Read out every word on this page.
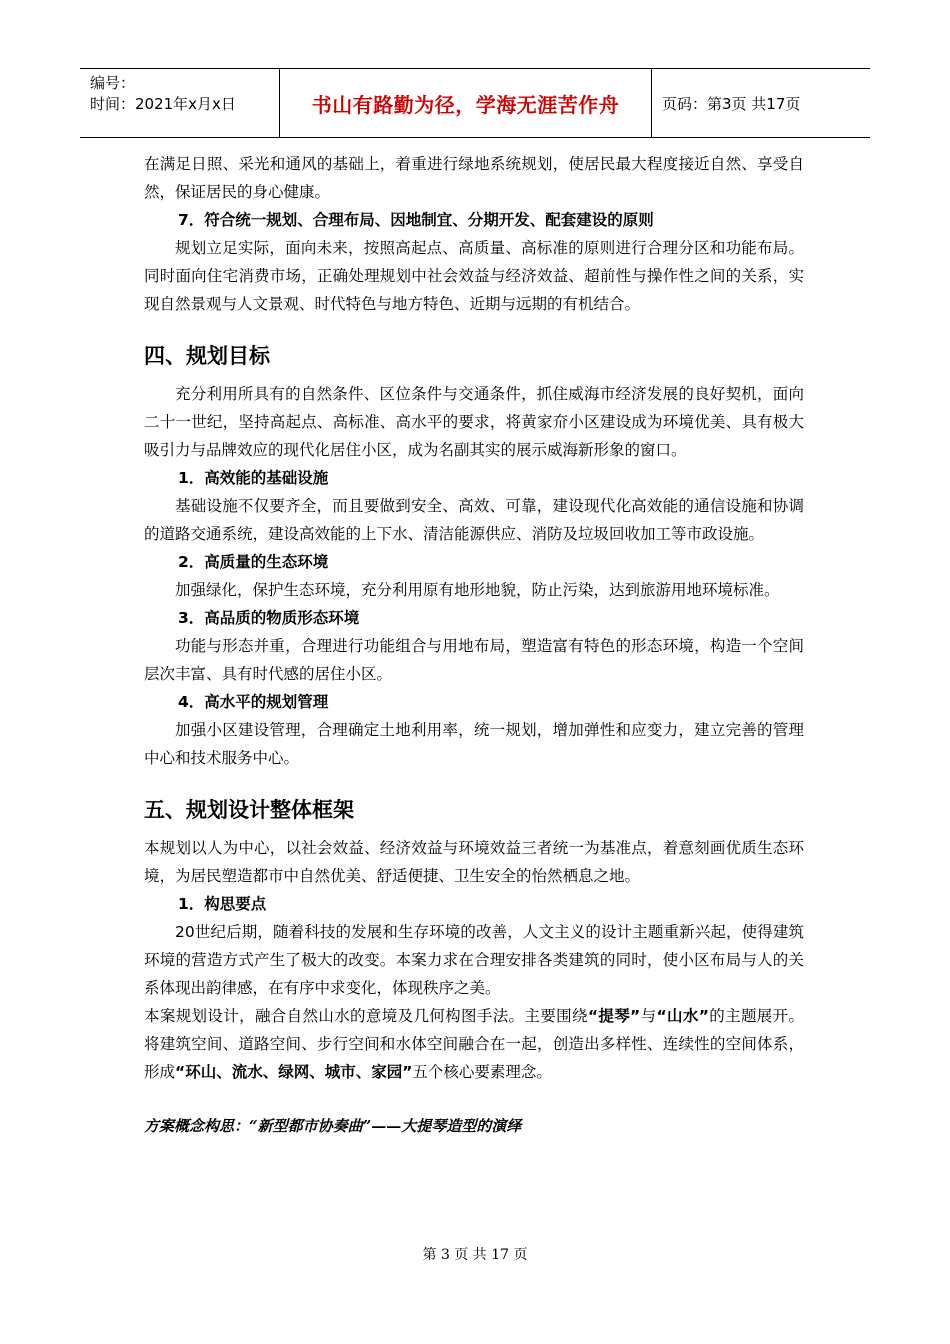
编号：
时间：2021年x月x日	书山有路勤为径，学海无涯苦作舟	页码：第3页 共17页

在满足日照、采光和通风的基础上，着重进行绿地系统规划，使居民最大程度接近自然、享受自然，保证居民的身心健康。

7．符合统一规划、合理布局、因地制宜、分期开发、配套建设的原则

规划立足实际，面向未来，按照高起点、高质量、高标准的原则进行合理分区和功能布局。同时面向住宅消费市场，正确处理规划中社会效益与经济效益、超前性与操作性之间的关系，实现自然景观与人文景观、时代特色与地方特色、近期与远期的有机结合。

四、规划目标

充分利用所具有的自然条件、区位条件与交通条件，抓住威海市经济发展的良好契机，面向二十一世纪，坚持高起点、高标准、高水平的要求，将黄家夼小区建设成为环境优美、具有极大吸引力与品牌效应的现代化居住小区，成为名副其实的展示威海新形象的窗口。

1．高效能的基础设施

基础设施不仅要齐全，而且要做到安全、高效、可靠，建设现代化高效能的通信设施和协调的道路交通系统，建设高效能的上下水、清洁能源供应、消防及垃圾回收加工等市政设施。

2．高质量的生态环境

加强绿化，保护生态环境，充分利用原有地形地貌，防止污染，达到旅游用地环境标准。

3．高品质的物质形态环境

功能与形态并重，合理进行功能组合与用地布局，塑造富有特色的形态环境，构造一个空间层次丰富、具有时代感的居住小区。

4．高水平的规划管理

加强小区建设管理，合理确定土地利用率，统一规划，增加弹性和应变力，建立完善的管理中心和技术服务中心。

五、规划设计整体框架

本规划以人为中心，以社会效益、经济效益与环境效益三者统一为基准点，着意刻画优质生态环境，为居民塑造都市中自然优美、舒适便捷、卫生安全的怡然栖息之地。

1．构思要点

20世纪后期，随着科技的发展和生存环境的改善，人文主义的设计主题重新兴起，使得建筑环境的营造方式产生了极大的改变。本案力求在合理安排各类建筑的同时，使小区布局与人的关系体现出韵律感，在有序中求变化，体现秩序之美。

本案规划设计，融合自然山水的意境及几何构图手法。主要围绕“提琴”与“山水”的主题展开。将建筑空间、道路空间、步行空间和水体空间融合在一起，创造出多样性、连续性的空间体系，形成“环山、流水、绿网、城市、家园”五个核心要素理念。

方案概念构思：“新型都市协奏曲”——大提琴造型的演绎

第 3 页 共 17 页
